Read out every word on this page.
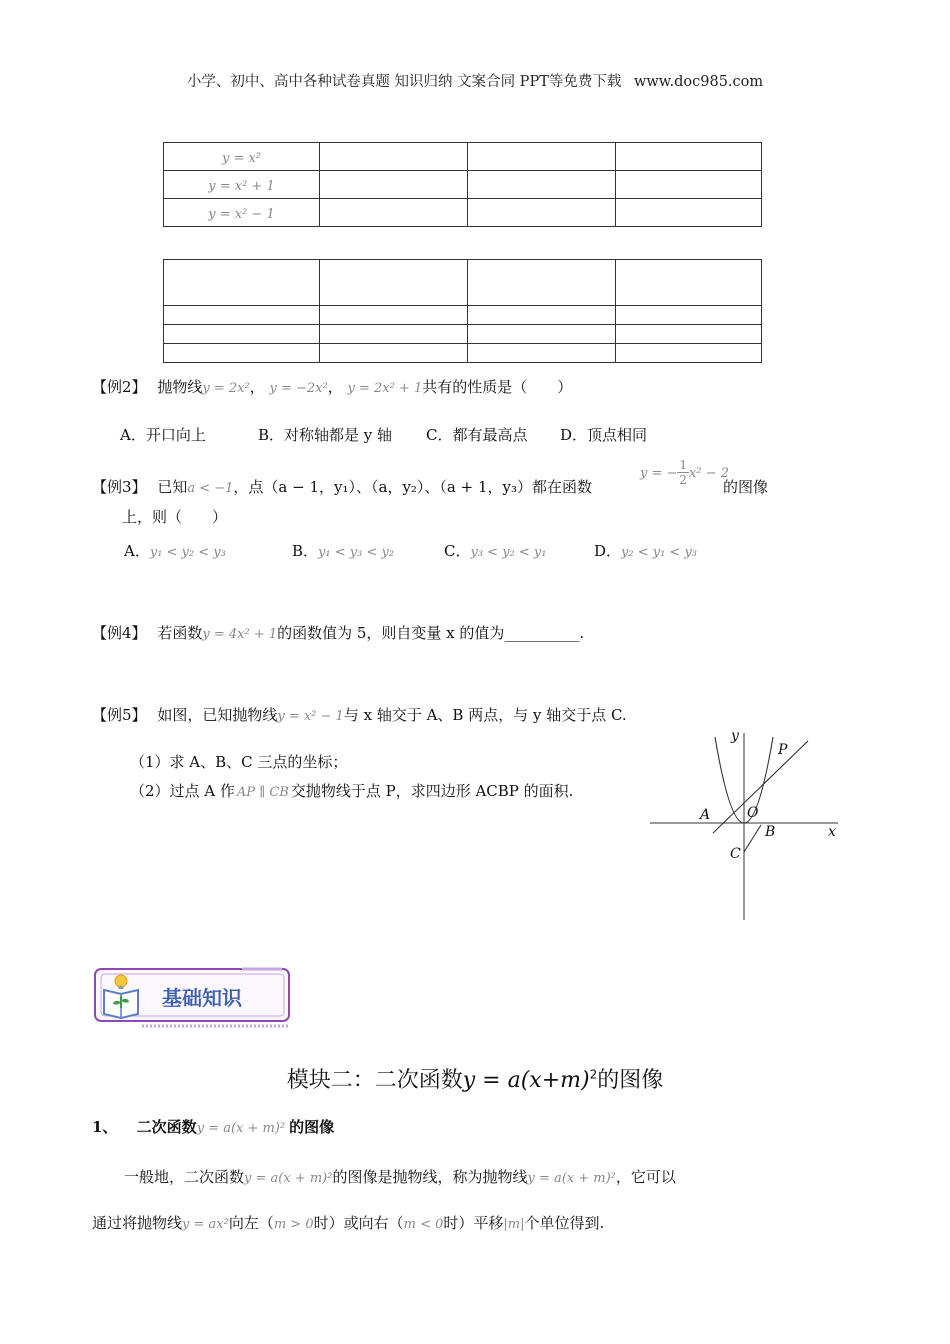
小学、初中、高中各种试卷真题 知识归纳 文案合同 PPT等免费下载 www.doc985.com
y = x²			
y = x² + 1			
y = x² − 1			

【例2】 抛物线y = 2x²， y = −2x²， y = 2x² + 1共有的性质是（　　）
A．开口向上	B．对称轴都是 y 轴 C．都有最高点 D．顶点相同
【例3】 已知a < −1，点（a − 1，y₁）、（a，y₂）、（a + 1，y₃）都在函数
y = − $\frac{1}{2}x^2 - 2$
的图像
上，则（　　）
A．y₁ < y₂ < y₃	B．y₁ < y₃ < y₂	C．y₃ < y₂ < y₁	D．y₂ < y₁ < y₃
【例4】 若函数y = 4x² + 1的函数值为 5，则自变量 x 的值为__________.
【例5】 如图，已知抛物线y = x² − 1与 x 轴交于 A、B 两点，与 y 轴交于点 C.
（1）求 A、B、C 三点的坐标；
（2）过点 A 作 AP ∥ CB 交抛物线于点 P，求四边形 ACBP 的面积.
y
x
P
A	O
B
C
基础知识
模块二：二次函数$y = a(x+m)^2$的图像
1、 二次函数y = a(x + m)² 的图像
一般地，二次函数y = a(x + m)²的图像是抛物线，称为抛物线y = a(x + m)²，它可以
通过将抛物线y = ax²向左（m > 0时）或向右（m < 0时）平移|m|个单位得到.
